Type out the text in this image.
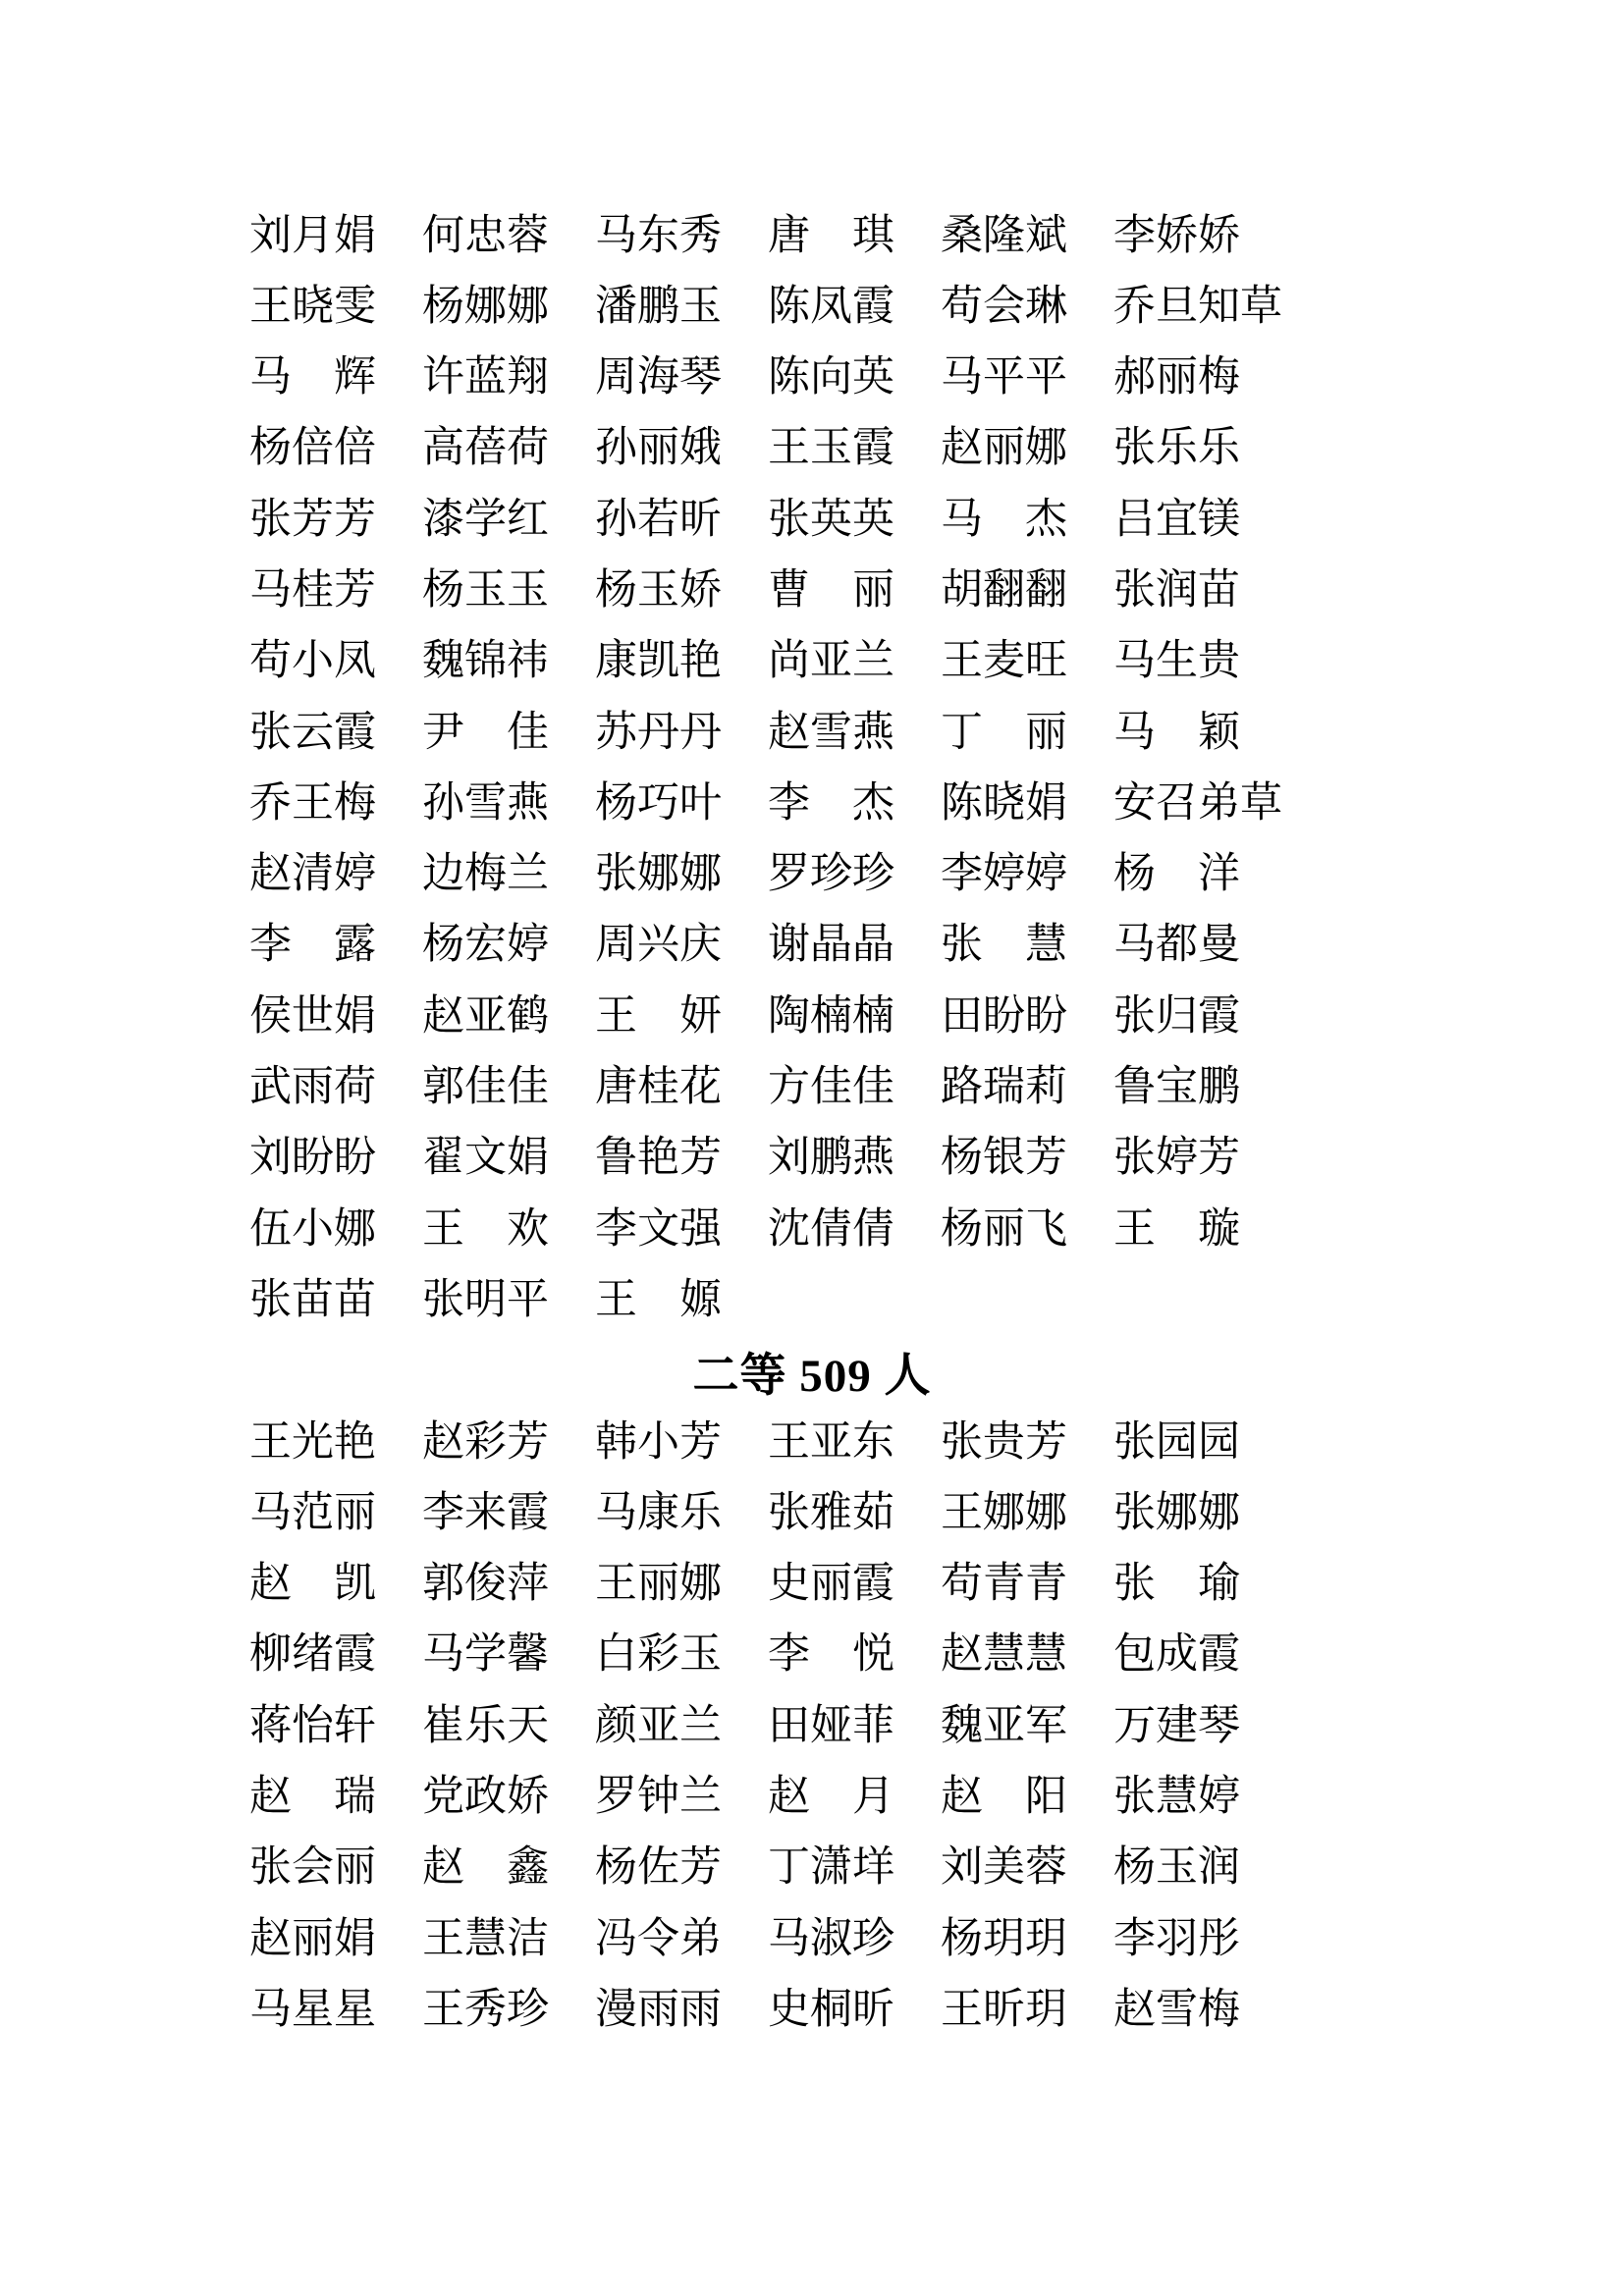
刘月娟 何忠蓉 马东秀 唐　琪 桑隆斌 李娇娇
王晓雯 杨娜娜 潘鹏玉 陈凤霞 苟会琳 乔旦知草
马　辉 许蓝翔 周海琴 陈向英 马平平 郝丽梅
杨倍倍 高蓓荷 孙丽娥 王玉霞 赵丽娜 张乐乐
张芳芳 漆学红 孙若昕 张英英 马　杰 吕宜镁
马桂芳 杨玉玉 杨玉娇 曹　丽 胡翻翻 张润苗
苟小凤 魏锦祎 康凯艳 尚亚兰 王麦旺 马生贵
张云霞 尹　佳 苏丹丹 赵雪燕 丁　丽 马　颖
乔王梅 孙雪燕 杨巧叶 李　杰 陈晓娟 安召弟草
赵清婷 边梅兰 张娜娜 罗珍珍 李婷婷 杨　洋
李　露 杨宏婷 周兴庆 谢晶晶 张　慧 马都曼
侯世娟 赵亚鹤 王　妍 陶楠楠 田盼盼 张归霞
武雨荷 郭佳佳 唐桂花 方佳佳 路瑞莉 鲁宝鹏
刘盼盼 翟文娟 鲁艳芳 刘鹏燕 杨银芳 张婷芳
伍小娜 王　欢 李文强 沈倩倩 杨丽飞 王　璇
张苗苗 张明平 王　嫄
二等 509 人
王光艳 赵彩芳 韩小芳 王亚东 张贵芳 张园园
马范丽 李来霞 马康乐 张雅茹 王娜娜 张娜娜
赵　凯 郭俊萍 王丽娜 史丽霞 苟青青 张　瑜
柳绪霞 马学馨 白彩玉 李　悦 赵慧慧 包成霞
蒋怡轩 崔乐天 颜亚兰 田娅菲 魏亚军 万建琴
赵　瑞 党政娇 罗钟兰 赵　月 赵　阳 张慧婷
张会丽 赵　鑫 杨佐芳 丁潇垟 刘美蓉 杨玉润
赵丽娟 王慧洁 冯令弟 马淑珍 杨玥玥 李羽彤
马星星 王秀珍 漫雨雨 史桐昕 王昕玥 赵雪梅
